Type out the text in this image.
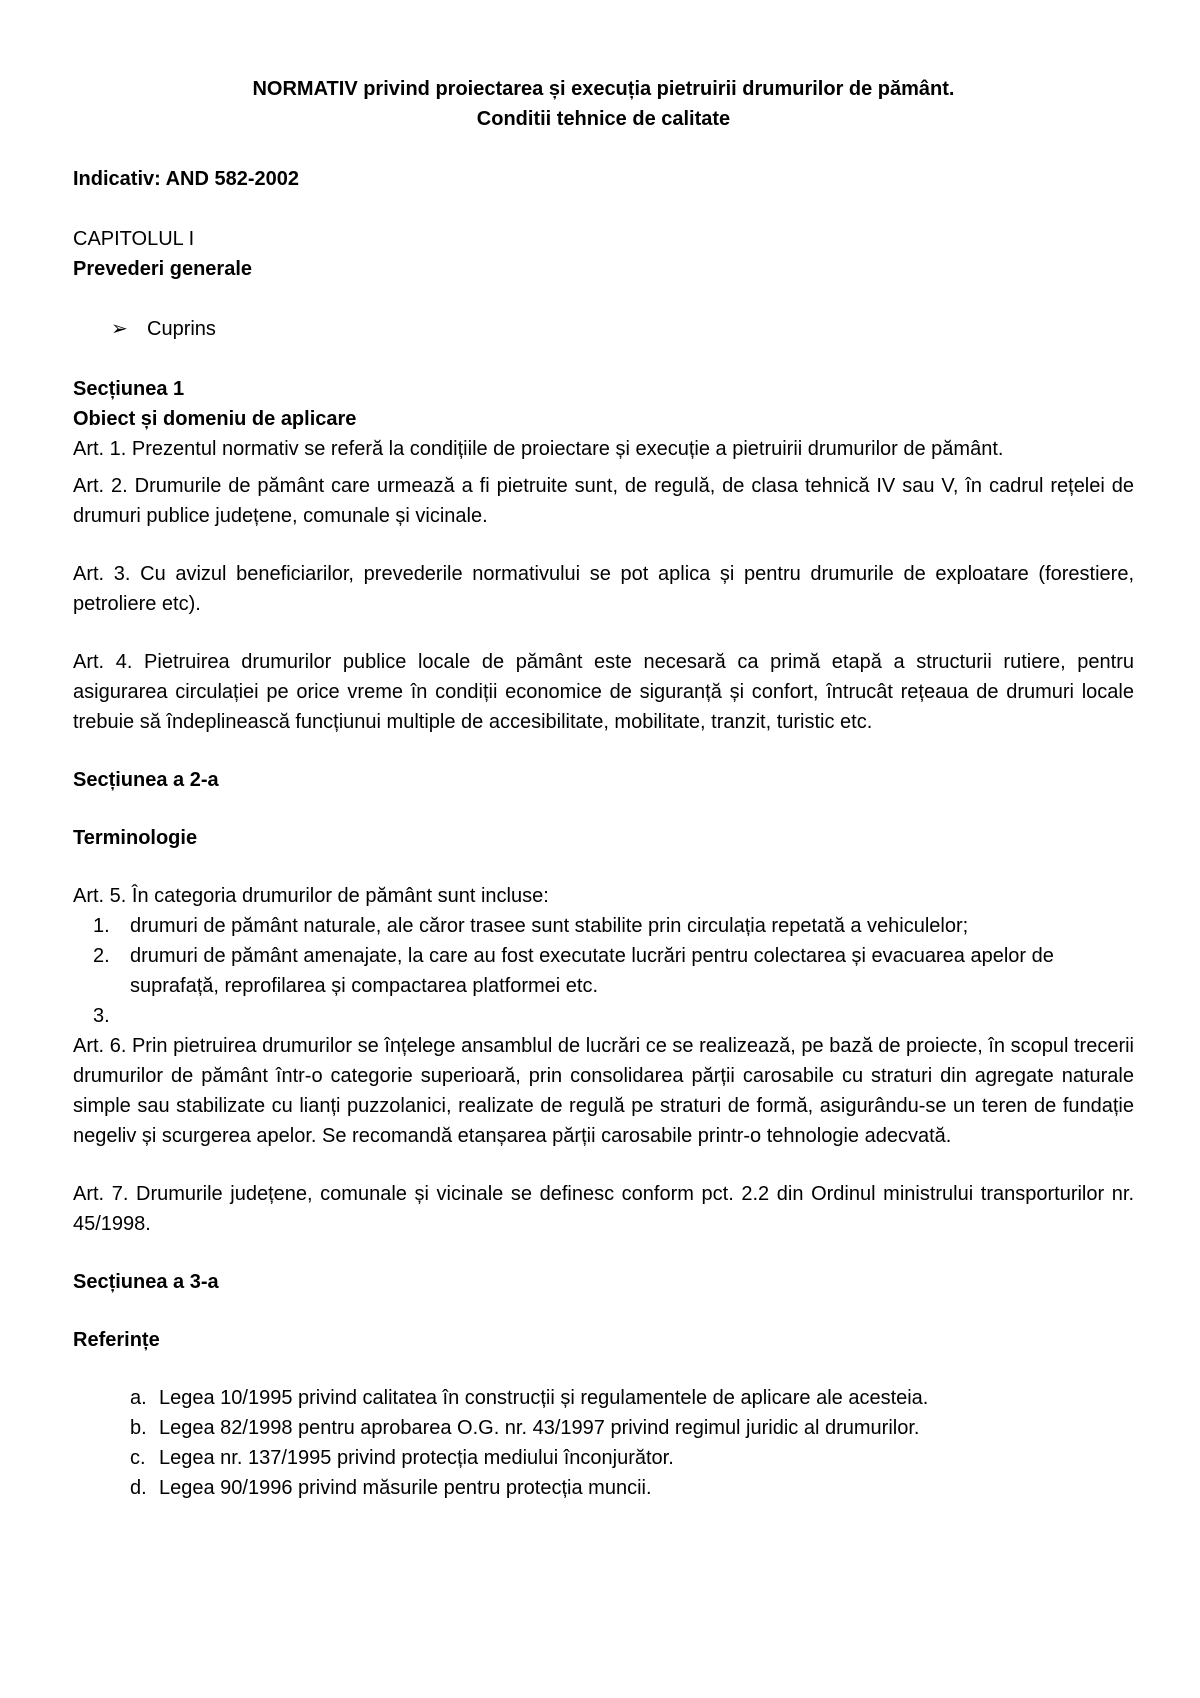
NORMATIV privind proiectarea și execuția pietruirii drumurilor de pământ.

Conditii tehnice de calitate

Indicativ: AND 582-2002

CAPITOLUL I

Prevederi generale

➢ Cuprins

Secțiunea 1

Obiect și domeniu de aplicare

Art. 1. Prezentul normativ se referă la condițiile de proiectare și execuție a pietruirii drumurilor de pământ.

Art. 2. Drumurile de pământ care urmează a fi pietruite sunt, de regulă, de clasa tehnică IV sau V, în cadrul rețelei de drumuri publice județene, comunale și vicinale.

Art. 3. Cu avizul beneficiarilor, prevederile normativului se pot aplica și pentru drumurile de exploatare (forestiere, petroliere etc).

Art. 4. Pietruirea drumurilor publice locale de pământ este necesară ca primă etapă a structurii rutiere, pentru asigurarea circulației pe orice vreme în condiții economice de siguranță și confort, întrucât rețeaua de drumuri locale trebuie să îndeplinească funcțiunui multiple de accesibilitate, mobilitate, tranzit, turistic etc.

Secțiunea a 2-a

Terminologie

Art. 5. În categoria drumurilor de pământ sunt incluse:

1. drumuri de pământ naturale, ale căror trasee sunt stabilite prin circulația repetată a vehiculelor;
2. drumuri de pământ amenajate, la care au fost executate lucrări pentru colectarea și evacuarea apelor de suprafață, reprofilarea și compactarea platformei etc.
3.

Art. 6. Prin pietruirea drumurilor se înțelege ansamblul de lucrări ce se realizează, pe bază de proiecte, în scopul trecerii drumurilor de pământ într-o categorie superioară, prin consolidarea părții carosabile cu straturi din agregate naturale simple sau stabilizate cu lianți puzzolanici, realizate de regulă pe straturi de formă, asigurându-se un teren de fundație negeliv și scurgerea apelor. Se recomandă etanșarea părții carosabile printr-o tehnologie adecvată.

Art. 7. Drumurile județene, comunale și vicinale se definesc conform pct. 2.2 din Ordinul ministrului transporturilor nr. 45/1998.

Secțiunea a 3-a

Referințe

a. Legea 10/1995 privind calitatea în construcții și regulamentele de aplicare ale acesteia.
b. Legea 82/1998 pentru aprobarea O.G. nr. 43/1997 privind regimul juridic al drumurilor.
c. Legea nr. 137/1995 privind protecția mediului înconjurător.
d. Legea 90/1996 privind măsurile pentru protecția muncii.
